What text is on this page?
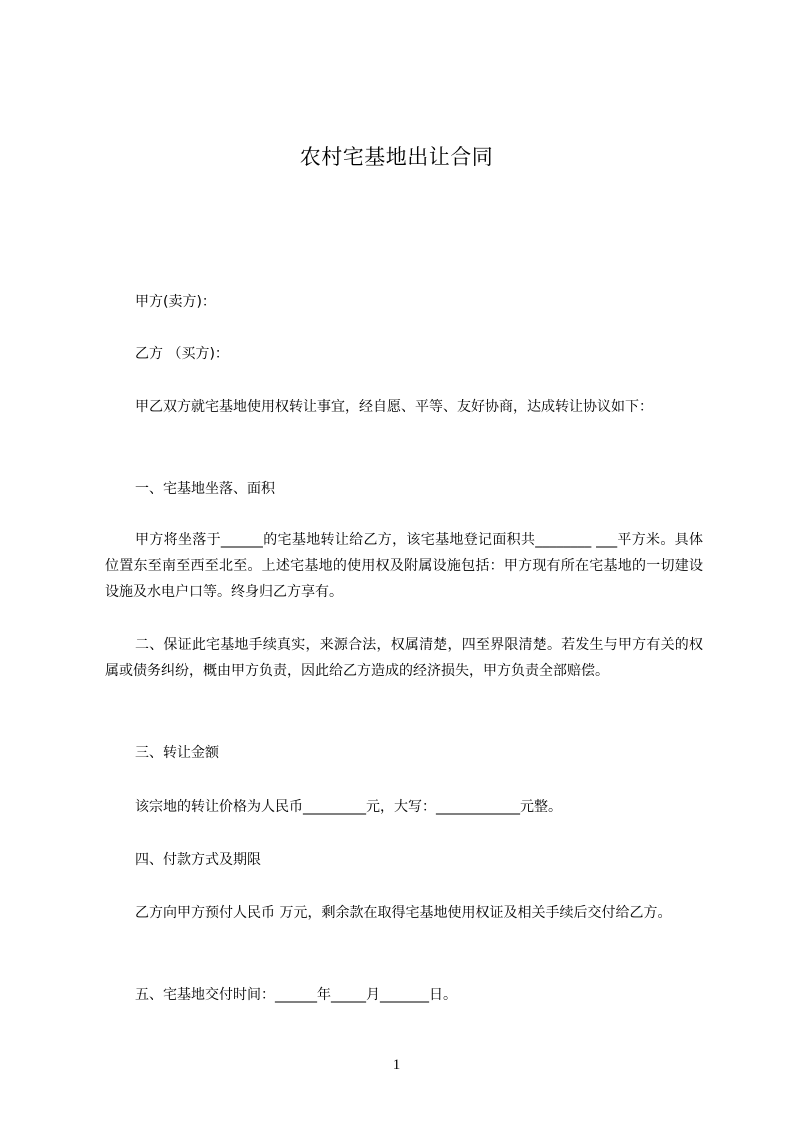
农村宅基地出让合同

甲方(卖方)：

乙方 （买方)：

甲乙双方就宅基地使用权转让事宜，经自愿、平等、友好协商，达成转让协议如下：

一、宅基地坐落、面积

甲方将坐落于______的宅基地转让给乙方，该宅基地登记面积共________ ___平方米。具体位置东至南至西至北至。上述宅基地的使用权及附属设施包括：甲方现有所在宅基地的一切建设设施及水电户口等。终身归乙方享有。

二、保证此宅基地手续真实，来源合法，权属清楚，四至界限清楚。若发生与甲方有关的权属或债务纠纷，概由甲方负责，因此给乙方造成的经济损失，甲方负责全部赔偿。

三、转让金额

该宗地的转让价格为人民币_________元，大写：____________元整。

四、付款方式及期限

乙方向甲方预付人民币 万元，剩余款在取得宅基地使用权证及相关手续后交付给乙方。

五、宅基地交付时间：______年_____月_______日。

1
